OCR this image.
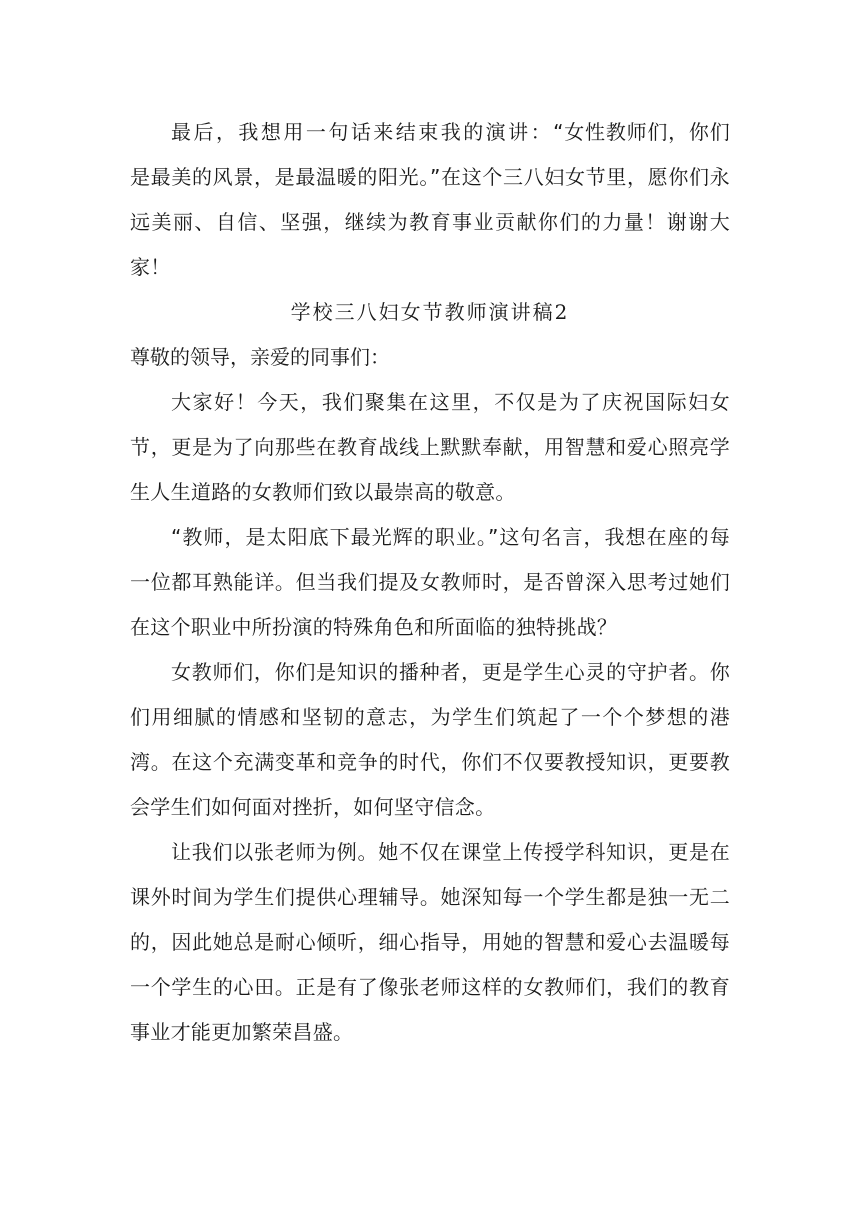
最后，我想用一句话来结束我的演讲：“女性教师们，你们是最美的风景，是最温暖的阳光。”在这个三八妇女节里，愿你们永远美丽、自信、坚强，继续为教育事业贡献你们的力量！谢谢大家！

学校三八妇女节教师演讲稿2

尊敬的领导，亲爱的同事们：

大家好！今天，我们聚集在这里，不仅是为了庆祝国际妇女节，更是为了向那些在教育战线上默默奉献，用智慧和爱心照亮学生人生道路的女教师们致以最崇高的敬意。

“教师，是太阳底下最光辉的职业。”这句名言，我想在座的每一位都耳熟能详。但当我们提及女教师时，是否曾深入思考过她们在这个职业中所扮演的特殊角色和所面临的独特挑战？

女教师们，你们是知识的播种者，更是学生心灵的守护者。你们用细腻的情感和坚韧的意志，为学生们筑起了一个个梦想的港湾。在这个充满变革和竞争的时代，你们不仅要教授知识，更要教会学生们如何面对挫折，如何坚守信念。

让我们以张老师为例。她不仅在课堂上传授学科知识，更是在课外时间为学生们提供心理辅导。她深知每一个学生都是独一无二的，因此她总是耐心倾听，细心指导，用她的智慧和爱心去温暖每一个学生的心田。正是有了像张老师这样的女教师们，我们的教育事业才能更加繁荣昌盛。
